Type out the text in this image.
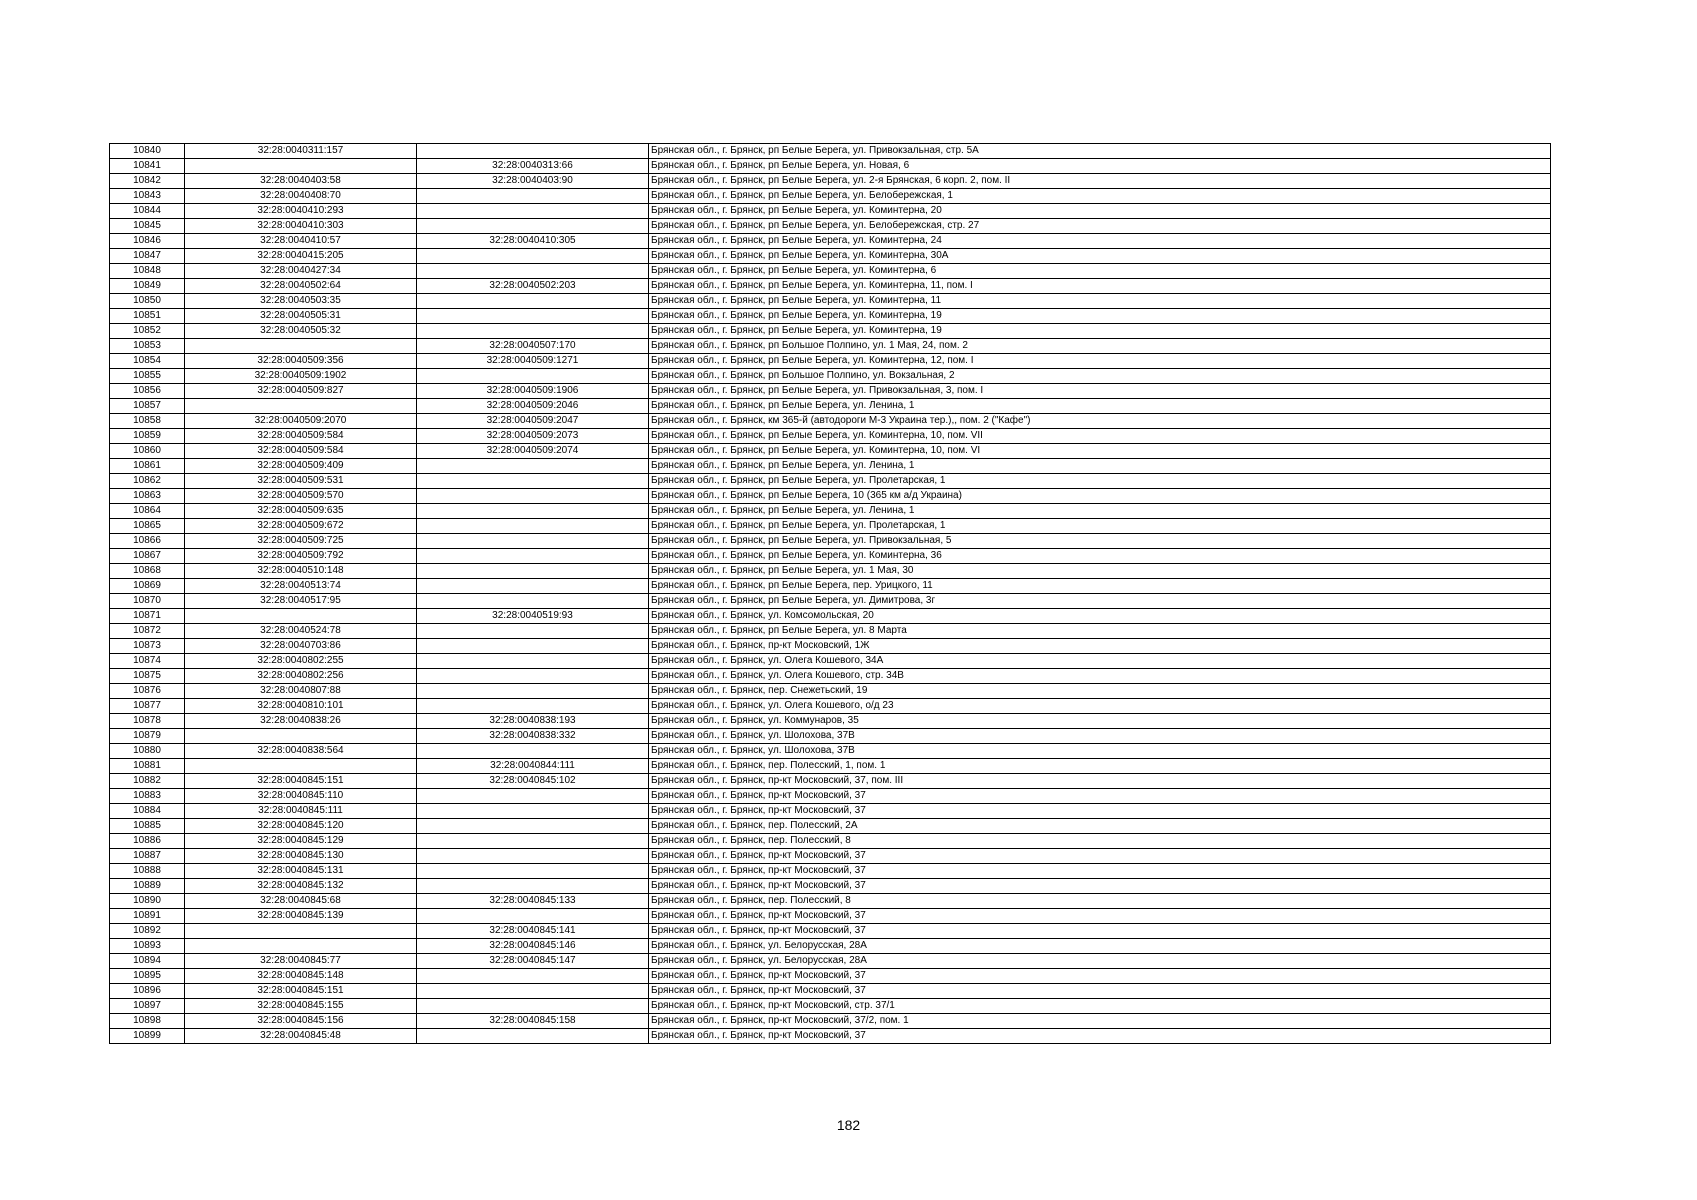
10840	32:28:0040311:157		Брянская обл., г. Брянск, рп Белые Берега, ул. Привокзальная, стр. 5А
10841		32:28:0040313:66	Брянская обл., г. Брянск, рп Белые Берега, ул. Новая, 6
10842	32:28:0040403:58	32:28:0040403:90	Брянская обл., г. Брянск, рп Белые Берега, ул. 2-я Брянская, 6 корп. 2, пом. II
10843	32:28:0040408:70		Брянская обл., г. Брянск, рп Белые Берега, ул. Белобережская, 1
10844	32:28:0040410:293		Брянская обл., г. Брянск, рп Белые Берега, ул. Коминтерна, 20
10845	32:28:0040410:303		Брянская обл., г. Брянск, рп Белые Берега, ул. Белобережская, стр. 27
10846	32:28:0040410:57	32:28:0040410:305	Брянская обл., г. Брянск, рп Белые Берега, ул. Коминтерна, 24
10847	32:28:0040415:205		Брянская обл., г. Брянск, рп Белые Берега, ул. Коминтерна, 30А
10848	32:28:0040427:34		Брянская обл., г. Брянск, рп Белые Берега, ул. Коминтерна, 6
10849	32:28:0040502:64	32:28:0040502:203	Брянская обл., г. Брянск, рп Белые Берега, ул. Коминтерна, 11, пом. I
10850	32:28:0040503:35		Брянская обл., г. Брянск, рп Белые Берега, ул. Коминтерна, 11
10851	32:28:0040505:31		Брянская обл., г. Брянск, рп Белые Берега, ул. Коминтерна, 19
10852	32:28:0040505:32		Брянская обл., г. Брянск, рп Белые Берега, ул. Коминтерна, 19
10853		32:28:0040507:170	Брянская обл., г. Брянск, рп Большое Полпино, ул. 1 Мая, 24, пом. 2
10854	32:28:0040509:356	32:28:0040509:1271	Брянская обл., г. Брянск, рп Белые Берега, ул. Коминтерна, 12, пом. I
10855	32:28:0040509:1902		Брянская обл., г. Брянск, рп Большое Полпино, ул. Вокзальная, 2
10856	32:28:0040509:827	32:28:0040509:1906	Брянская обл., г. Брянск, рп Белые Берега, ул. Привокзальная, 3, пом. I
10857		32:28:0040509:2046	Брянская обл., г. Брянск, рп Белые Берега, ул. Ленина, 1
10858	32:28:0040509:2070	32:28:0040509:2047	Брянская обл., г. Брянск, км 365-й (автодороги М-3 Украина тер.),, пом. 2 ("Кафе")
10859	32:28:0040509:584	32:28:0040509:2073	Брянская обл., г. Брянск, рп Белые Берега, ул. Коминтерна, 10, пом. VII
10860	32:28:0040509:584	32:28:0040509:2074	Брянская обл., г. Брянск, рп Белые Берега, ул. Коминтерна, 10, пом. VI
10861	32:28:0040509:409		Брянская обл., г. Брянск, рп Белые Берега, ул. Ленина, 1
10862	32:28:0040509:531		Брянская обл., г. Брянск, рп Белые Берега, ул. Пролетарская, 1
10863	32:28:0040509:570		Брянская обл., г. Брянск, рп Белые Берега, 10 (365 км а/д Украина)
10864	32:28:0040509:635		Брянская обл., г. Брянск, рп Белые Берега, ул. Ленина, 1
10865	32:28:0040509:672		Брянская обл., г. Брянск, рп Белые Берега, ул. Пролетарская, 1
10866	32:28:0040509:725		Брянская обл., г. Брянск, рп Белые Берега, ул. Привокзальная, 5
10867	32:28:0040509:792		Брянская обл., г. Брянск, рп Белые Берега, ул. Коминтерна, 36
10868	32:28:0040510:148		Брянская обл., г. Брянск, рп Белые Берега, ул. 1 Мая, 30
10869	32:28:0040513:74		Брянская обл., г. Брянск, рп Белые Берега, пер. Урицкого, 11
10870	32:28:0040517:95		Брянская обл., г. Брянск, рп Белые Берега, ул. Димитрова, 3г
10871		32:28:0040519:93	Брянская обл., г. Брянск, ул. Комсомольская, 20
10872	32:28:0040524:78		Брянская обл., г. Брянск, рп Белые Берега, ул. 8 Марта
10873	32:28:0040703:86		Брянская обл., г. Брянск, пр-кт Московский, 1Ж
10874	32:28:0040802:255		Брянская обл., г. Брянск, ул. Олега Кошевого, 34А
10875	32:28:0040802:256		Брянская обл., г. Брянск, ул. Олега Кошевого, стр. 34В
10876	32:28:0040807:88		Брянская обл., г. Брянск, пер. Снежетьский, 19
10877	32:28:0040810:101		Брянская обл., г. Брянск, ул. Олега Кошевого, о/д 23
10878	32:28:0040838:26	32:28:0040838:193	Брянская обл., г. Брянск, ул. Коммунаров, 35
10879		32:28:0040838:332	Брянская обл., г. Брянск, ул. Шолохова, 37В
10880	32:28:0040838:564		Брянская обл., г. Брянск, ул. Шолохова, 37В
10881		32:28:0040844:111	Брянская обл., г. Брянск, пер. Полесский, 1, пом. 1
10882	32:28:0040845:151	32:28:0040845:102	Брянская обл., г. Брянск, пр-кт Московский, 37, пом. III
10883	32:28:0040845:110		Брянская обл., г. Брянск, пр-кт Московский, 37
10884	32:28:0040845:111		Брянская обл., г. Брянск, пр-кт Московский, 37
10885	32:28:0040845:120		Брянская обл., г. Брянск, пер. Полесский, 2А
10886	32:28:0040845:129		Брянская обл., г. Брянск, пер. Полесский, 8
10887	32:28:0040845:130		Брянская обл., г. Брянск, пр-кт Московский, 37
10888	32:28:0040845:131		Брянская обл., г. Брянск, пр-кт Московский, 37
10889	32:28:0040845:132		Брянская обл., г. Брянск, пр-кт Московский, 37
10890	32:28:0040845:68	32:28:0040845:133	Брянская обл., г. Брянск, пер. Полесский, 8
10891	32:28:0040845:139		Брянская обл., г. Брянск, пр-кт Московский, 37
10892		32:28:0040845:141	Брянская обл., г. Брянск, пр-кт Московский, 37
10893		32:28:0040845:146	Брянская обл., г. Брянск, ул. Белорусская, 28А
10894	32:28:0040845:77	32:28:0040845:147	Брянская обл., г. Брянск, ул. Белорусская, 28А
10895	32:28:0040845:148		Брянская обл., г. Брянск, пр-кт Московский, 37
10896	32:28:0040845:151		Брянская обл., г. Брянск, пр-кт Московский, 37
10897	32:28:0040845:155		Брянская обл., г. Брянск, пр-кт Московский, стр. 37/1
10898	32:28:0040845:156	32:28:0040845:158	Брянская обл., г. Брянск, пр-кт Московский, 37/2, пом. 1
10899	32:28:0040845:48		Брянская обл., г. Брянск, пр-кт Московский, 37
182
